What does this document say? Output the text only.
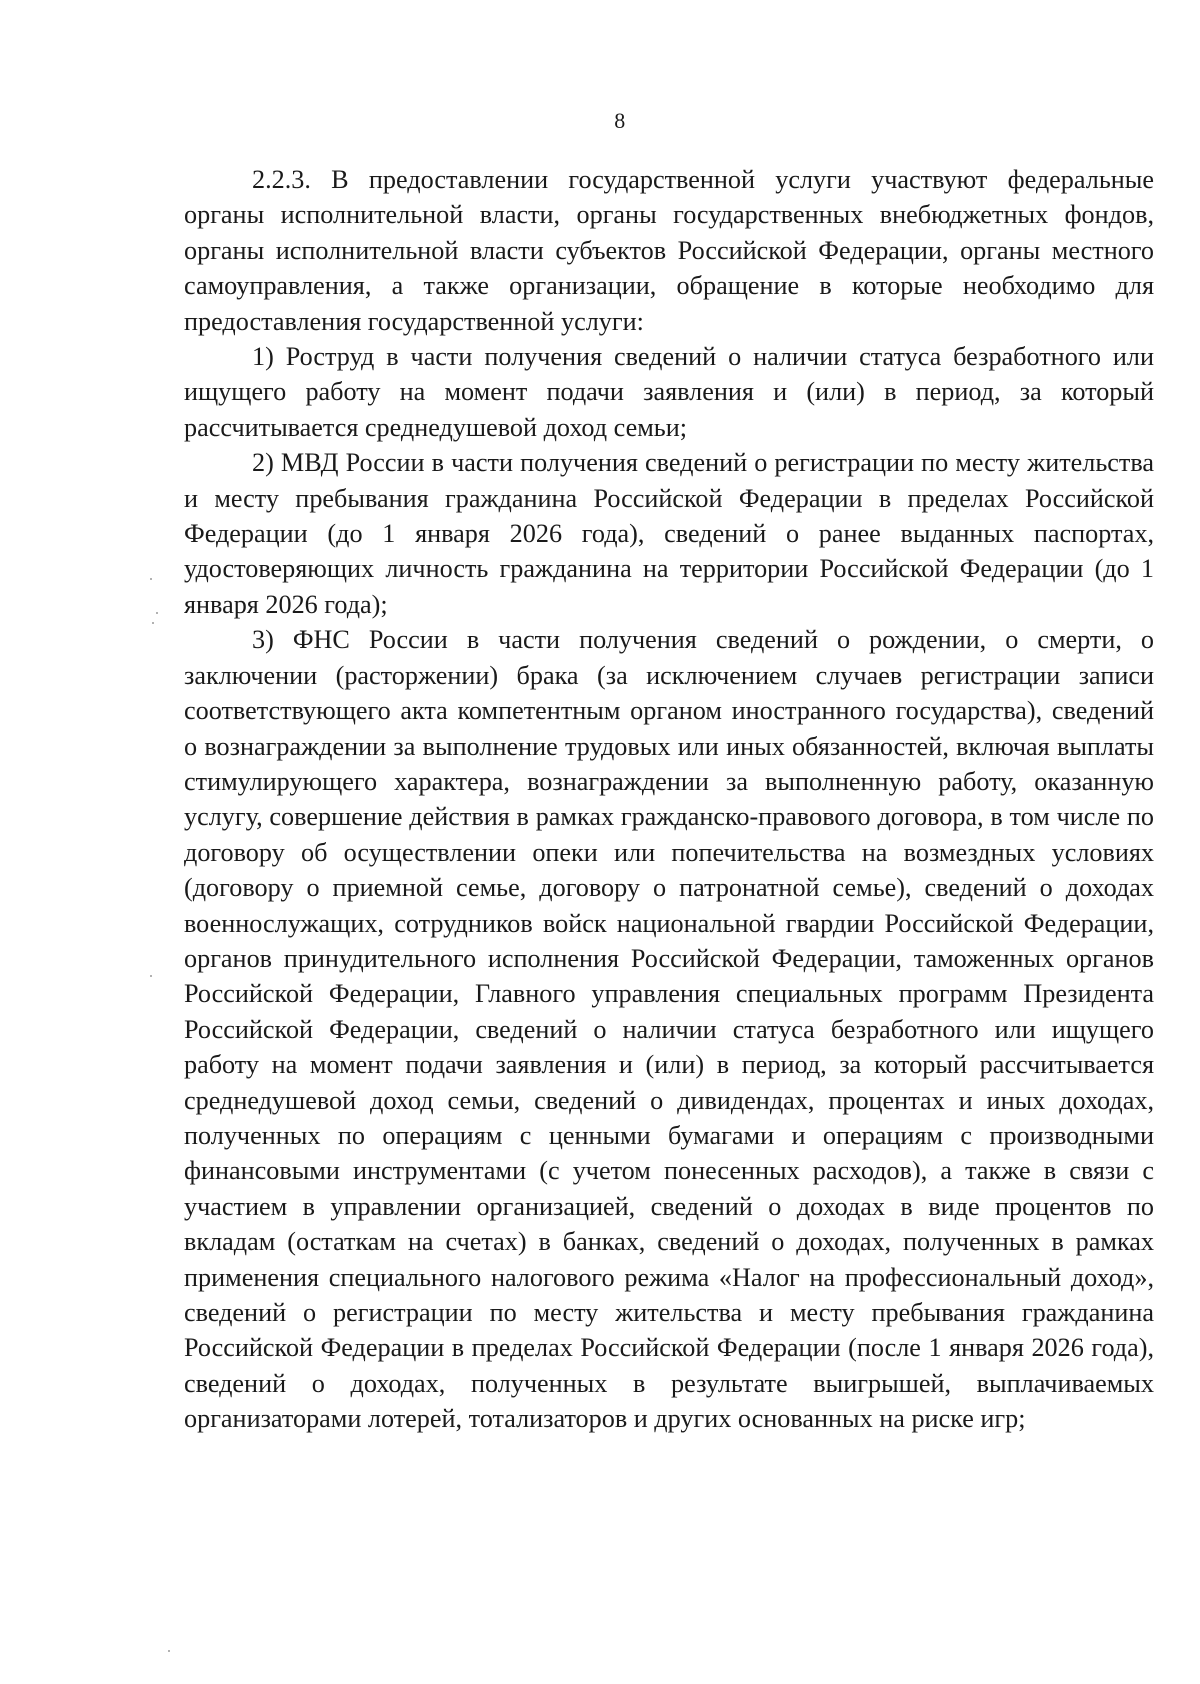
8

2.2.3. В предоставлении государственной услуги участвуют федеральные органы исполнительной власти, органы государственных внебюджетных фондов, органы исполнительной власти субъектов Российской Федерации, органы местного самоуправления, а также организации, обращение в которые необходимо для предоставления государственной услуги:

1) Роструд в части получения сведений о наличии статуса безработного или ищущего работу на момент подачи заявления и (или) в период, за который рассчитывается среднедушевой доход семьи;

2) МВД России в части получения сведений о регистрации по месту жительства и месту пребывания гражданина Российской Федерации в пределах Российской Федерации (до 1 января 2026 года), сведений о ранее выданных паспортах, удостоверяющих личность гражданина на территории Российской Федерации (до 1 января 2026 года);

3) ФНС России в части получения сведений о рождении, о смерти, о заключении (расторжении) брака (за исключением случаев регистрации записи соответствующего акта компетентным органом иностранного государства), сведений о вознаграждении за выполнение трудовых или иных обязанностей, включая выплаты стимулирующего характера, вознаграждении за выполненную работу, оказанную услугу, совершение действия в рамках гражданско-правового договора, в том числе по договору об осуществлении опеки или попечительства на возмездных условиях (договору о приемной семье, договору о патронатной семье), сведений о доходах военнослужащих, сотрудников войск национальной гвардии Российской Федерации, органов принудительного исполнения Российской Федерации, таможенных органов Российской Федерации, Главного управления специальных программ Президента Российской Федерации, сведений о наличии статуса безработного или ищущего работу на момент подачи заявления и (или) в период, за который рассчитывается среднедушевой доход семьи, сведений о дивидендах, процентах и иных доходах, полученных по операциям с ценными бумагами и операциям с производными финансовыми инструментами (с учетом понесенных расходов), а также в связи с участием в управлении организацией, сведений о доходах в виде процентов по вкладам (остаткам на счетах) в банках, сведений о доходах, полученных в рамках применения специального налогового режима «Налог на профессиональный доход», сведений о регистрации по месту жительства и месту пребывания гражданина Российской Федерации в пределах Российской Федерации (после 1 января 2026 года), сведений о доходах, полученных в результате выигрышей, выплачиваемых организаторами лотерей, тотализаторов и других основанных на риске игр;
